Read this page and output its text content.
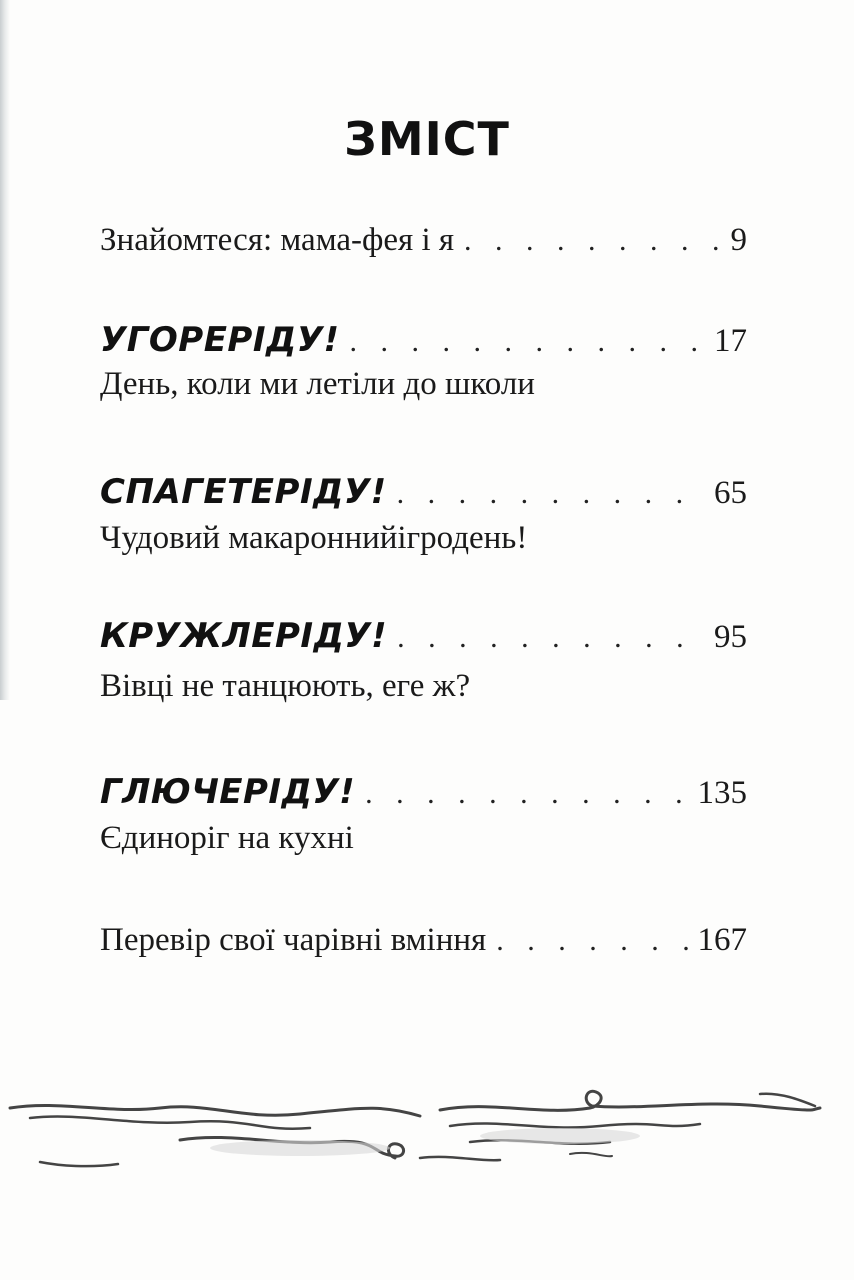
ЗМІСТ
Знайомтеся: мама-фея і я . . .	9
УГОРЕРІДУ! . . .	17
День, коли ми летіли до школи
СПАГЕТЕРІДУ! . . .	65
Чудовий макароннийігродень!
КРУЖЛЕРІДУ! . . .	95
Вівці не танцюють, еге ж?
ГЛЮЧЕРІДУ! . . .	135
Єдиноріг на кухні
Перевір свої чарівні вміння . . .	167
